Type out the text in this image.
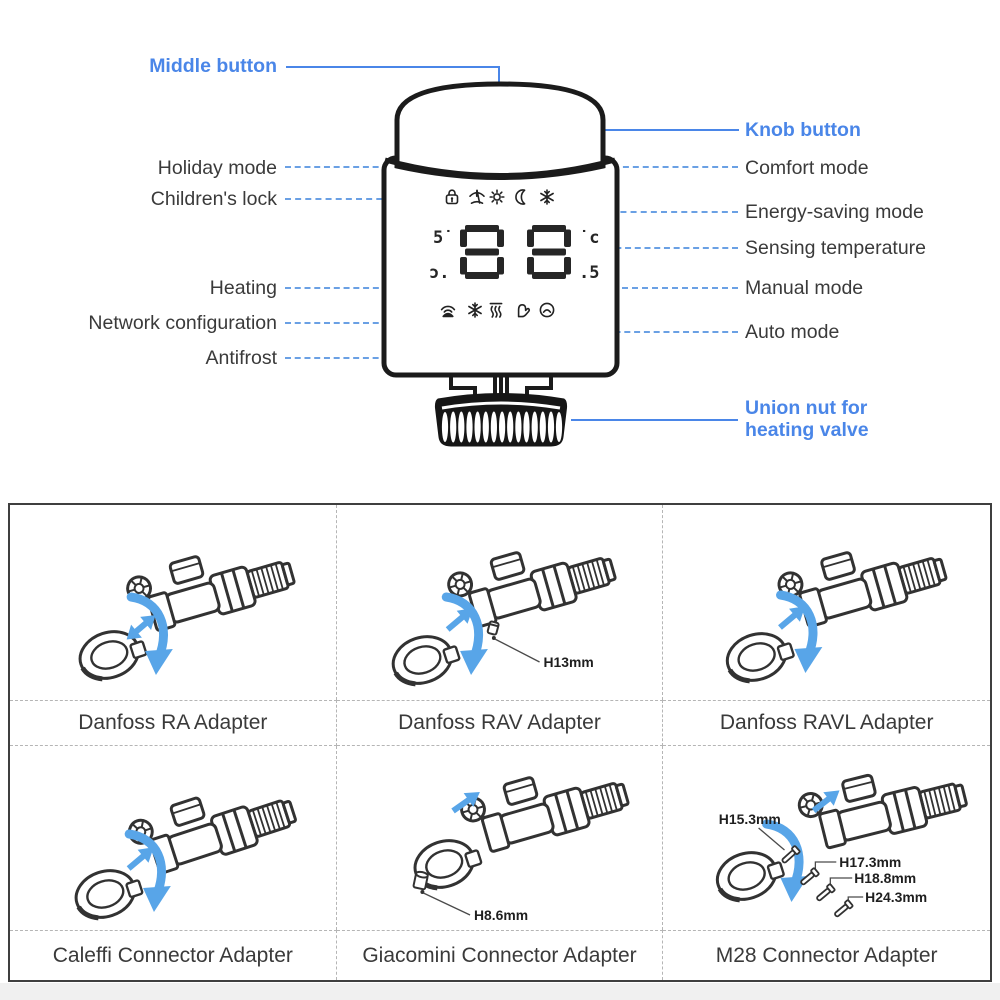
Middle button
Holiday mode
Children's lock
Heating
Network configuration
Antifrost
Knob button
Comfort mode
Energy-saving mode
Sensing temperature
Manual mode
Auto mode
Union nut for
heating valve
5˙
ɔ.
˙c
.5
H13mm
Danfoss RA Adapter	Danfoss RAV Adapter	Danfoss RAVL Adapter
H8.6mm
H15.3mm
H17.3mm
H18.8mm
H24.3mm
Caleffi Connector Adapter	Giacomini Connector Adapter	M28 Connector Adapter
